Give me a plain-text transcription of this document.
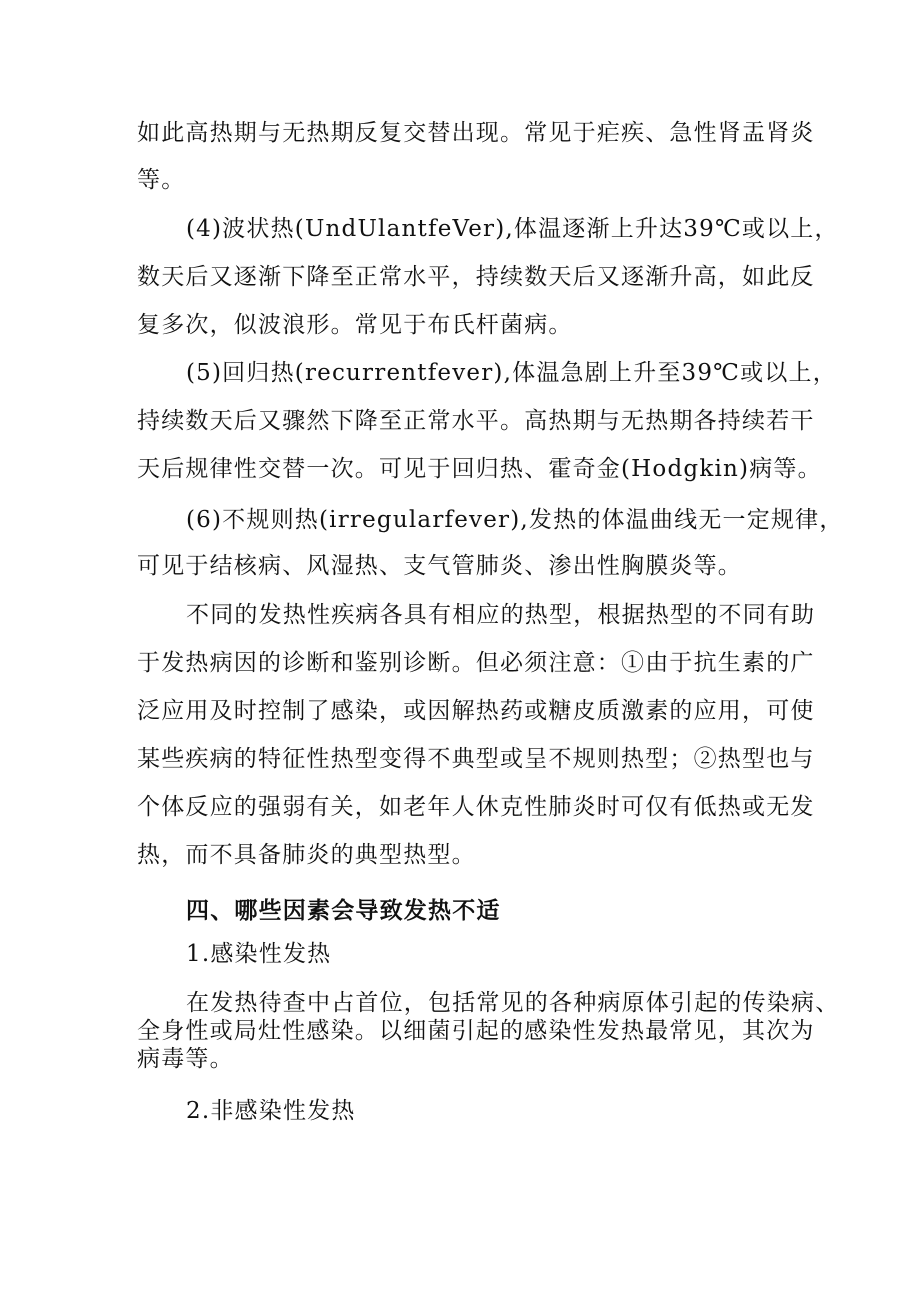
如此高热期与无热期反复交替出现。常见于疟疾、急性肾盂肾炎

等。

(4)波状热(UndUlantfeVer),体温逐渐上升达39℃或以上，

数天后又逐渐下降至正常水平，持续数天后又逐渐升高，如此反

复多次，似波浪形。常见于布氏杆菌病。

(5)回归热(recurrentfever),体温急剧上升至39℃或以上，

持续数天后又骤然下降至正常水平。高热期与无热期各持续若干

天后规律性交替一次。可见于回归热、霍奇金(Hodgkin)病等。

(6)不规则热(irregularfever),发热的体温曲线无一定规律，

可见于结核病、风湿热、支气管肺炎、渗出性胸膜炎等。

不同的发热性疾病各具有相应的热型，根据热型的不同有助

于发热病因的诊断和鉴别诊断。但必须注意：①由于抗生素的广

泛应用及时控制了感染，或因解热药或糖皮质激素的应用，可使

某些疾病的特征性热型变得不典型或呈不规则热型；②热型也与

个体反应的强弱有关，如老年人休克性肺炎时可仅有低热或无发

热，而不具备肺炎的典型热型。

四、哪些因素会导致发热不适

1.感染性发热

在发热待查中占首位，包括常见的各种病原体引起的传染病、

全身性或局灶性感染。以细菌引起的感染性发热最常见，其次为

病毒等。

2.非感染性发热
